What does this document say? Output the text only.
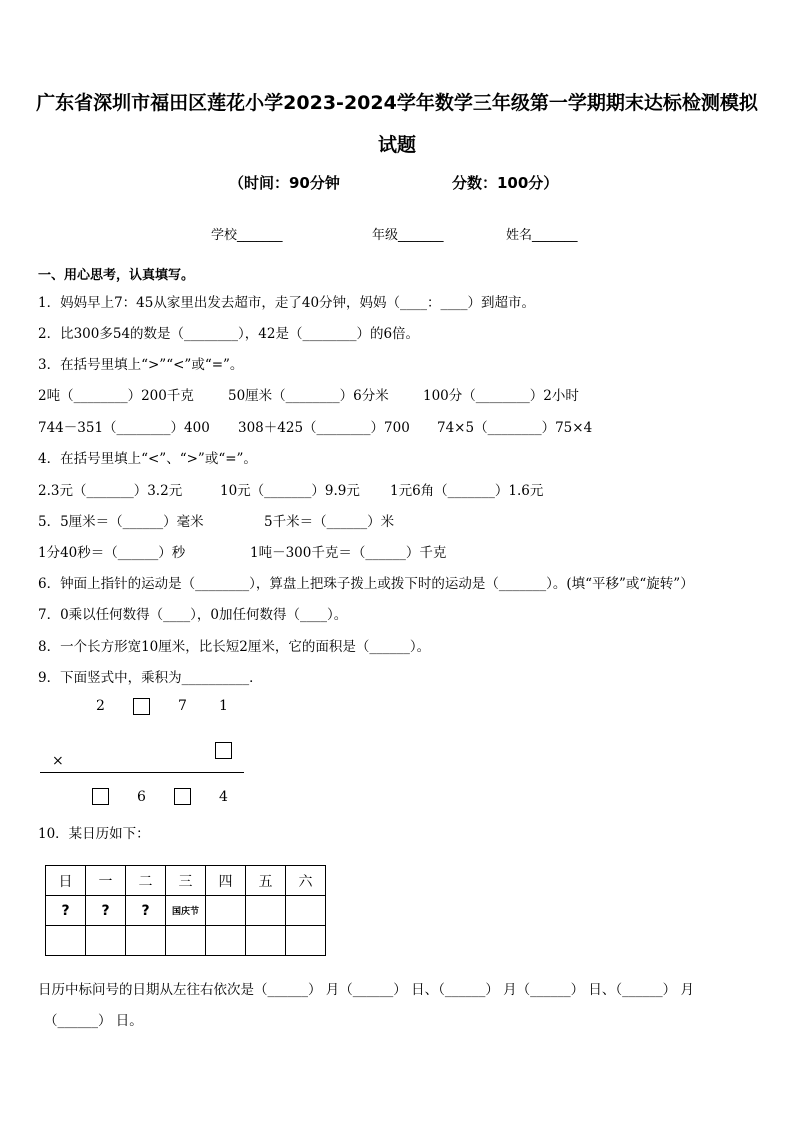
广东省深圳市福田区莲花小学2023-2024学年数学三年级第一学期期末达标检测模拟
试题
（时间：90分钟	分数：100分）
学校_______	年级_______	姓名_______
一、用心思考，认真填写。
1．妈妈早上7：45从家里出发去超市，走了40分钟，妈妈（____：____）到超市。
2．比300多54的数是（________），42是（________）的6倍。
3．在括号里填上“>”“<”或“=”。
2吨（________）200千克	50厘米（________）6分米	100分（________）2小时
744－351（________）400 308＋425（________）700 74×5（________）75×4
4．在括号里填上“<”、“>”或“=”。
2.3元（_______）3.2元	10元（_______）9.9元 1元6角（_______）1.6元
5．5厘米＝（______）毫米	5千米＝（______）米
1分40秒＝（______）秒	1吨－300千克＝（______）千克
6．钟面上指针的运动是（________），算盘上把珠子拨上或拨下时的运动是（_______）。(填“平移”或“旋转”）
7．0乘以任何数得（____），0加任何数得（____）。
8．一个长方形宽10厘米，比长短2厘米，它的面积是（______）。
9．下面竖式中，乘积为__________．
2	7 1
×
6	4
10．某日历如下：
日	一	二	三	四	五	六
?	?	?	国庆节			

日历中标问号的日期从左往右依次是（______） 月（______） 日、（______） 月（______） 日、（______） 月
（______） 日。
